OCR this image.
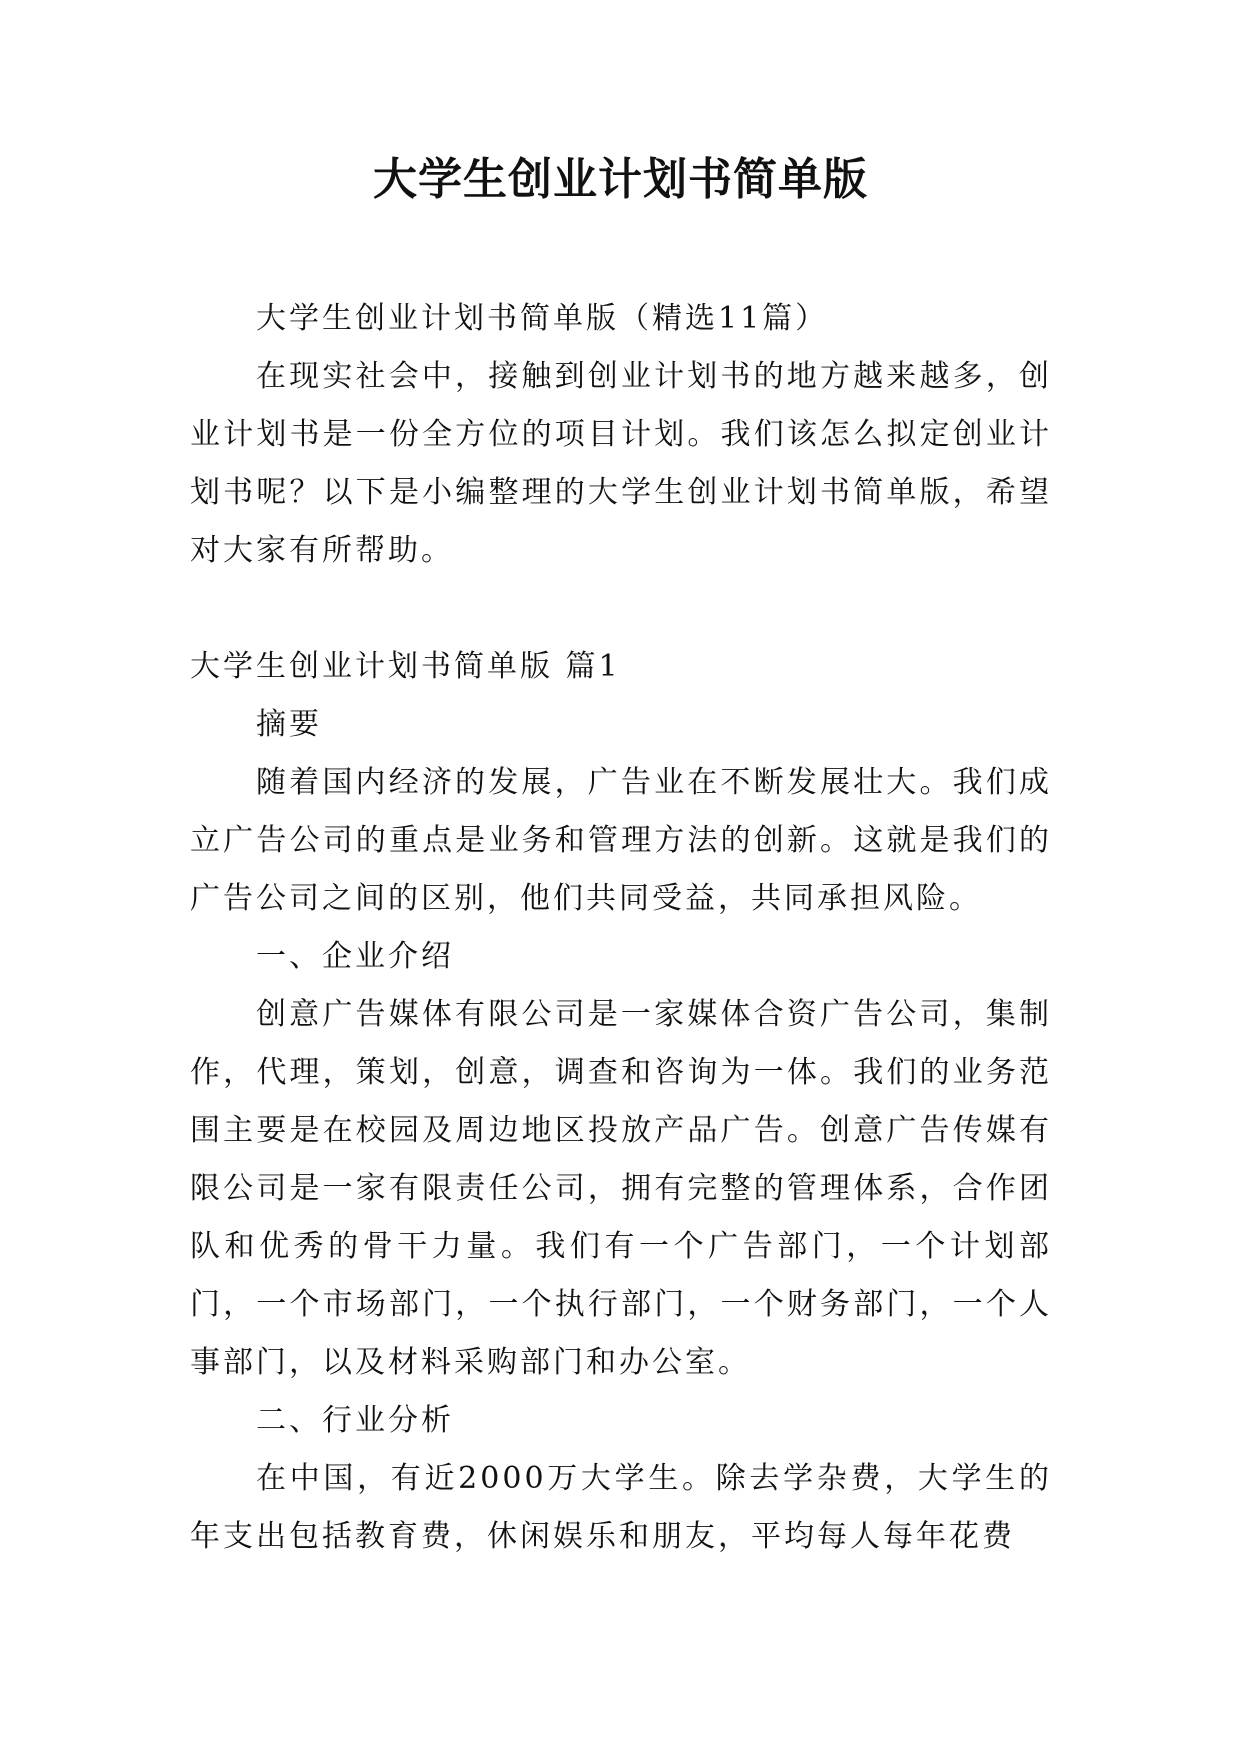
大学生创业计划书简单版

大学生创业计划书简单版（精选11篇）

在现实社会中，接触到创业计划书的地方越来越多，创业计划书是一份全方位的项目计划。我们该怎么拟定创业计划书呢？以下是小编整理的大学生创业计划书简单版，希望对大家有所帮助。

大学生创业计划书简单版 篇1

摘要

随着国内经济的发展，广告业在不断发展壮大。我们成立广告公司的重点是业务和管理方法的创新。这就是我们的广告公司之间的区别，他们共同受益，共同承担风险。

一、企业介绍

创意广告媒体有限公司是一家媒体合资广告公司，集制作，代理，策划，创意，调查和咨询为一体。我们的业务范围主要是在校园及周边地区投放产品广告。创意广告传媒有限公司是一家有限责任公司，拥有完整的管理体系，合作团队和优秀的骨干力量。我们有一个广告部门，一个计划部门，一个市场部门，一个执行部门，一个财务部门，一个人事部门，以及材料采购部门和办公室。

二、行业分析

在中国，有近2000万大学生。除去学杂费，大学生的年支出包括教育费，休闲娱乐和朋友，平均每人每年花费
